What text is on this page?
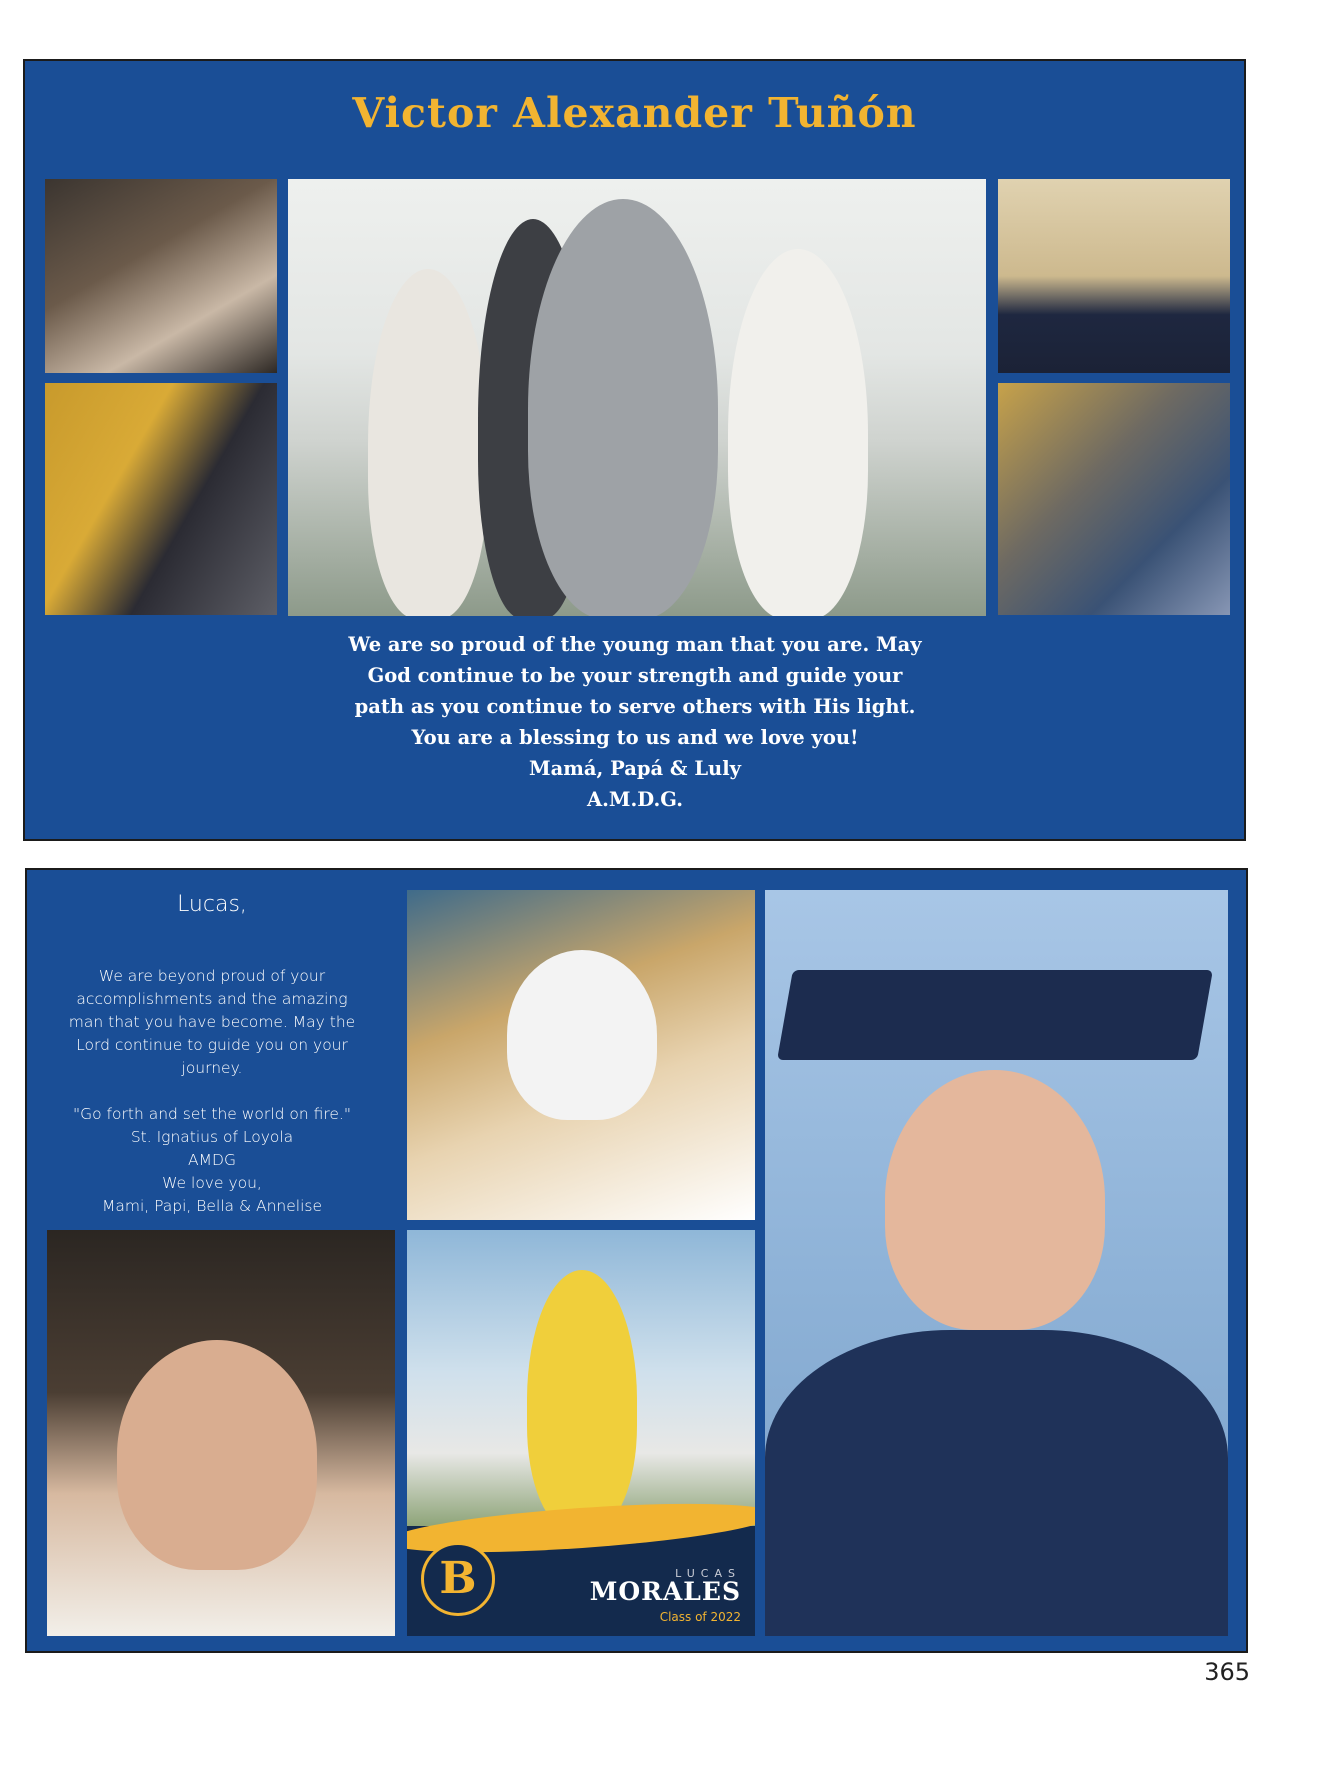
Victor Alexander Tuñón
We are so proud of the young man that you are. May
God continue to be your strength and guide your
path as you continue to serve others with His light.
You are a blessing to us and we love you!
Mamá, Papá & Luly
A.M.D.G.
Lucas,
We are beyond proud of your
accomplishments and the amazing
man that you have become. May the
Lord continue to guide you on your
journey.

"Go forth and set the world on fire."
St. Ignatius of Loyola
AMDG
We love you,
Mami, Papi, Bella & Annelise
B	LUCAS
MORALES
Class of 2022
365
